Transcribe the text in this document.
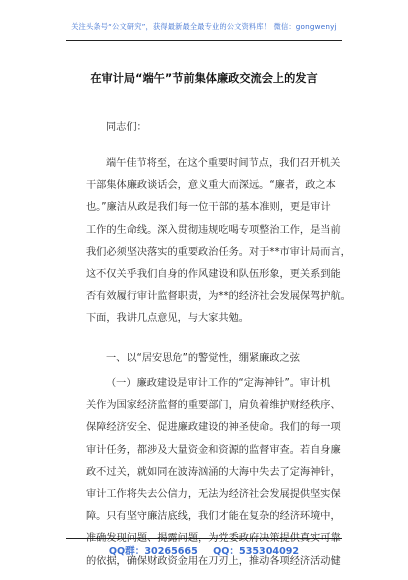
关注头条号“公文研究”，获得最新最全最专业的公文资料库！ 微信：gongwenyj
在审计局“端午”节前集体廉政交流会上的发言
同志们：
端午佳节将至，在这个重要时间节点，我们召开机关
干部集体廉政谈话会，意义重大而深远。“廉者，政之本
也。”廉洁从政是我们每一位干部的基本准则，更是审计
工作的生命线。深入贯彻违规吃喝专项整治工作，是当前
我们必须坚决落实的重要政治任务。对于**市审计局而言，
这不仅关乎我们自身的作风建设和队伍形象，更关系到能
否有效履行审计监督职责，为**的经济社会发展保驾护航。
下面，我讲几点意见，与大家共勉。
一、以“居安思危”的警觉性，绷紧廉政之弦
（一）廉政建设是审计工作的“定海神针”。审计机
关作为国家经济监督的重要部门，肩负着维护财经秩序、
保障经济安全、促进廉政建设的神圣使命。我们的每一项
审计任务，都涉及大量资金和资源的监督审查。若自身廉
政不过关，就如同在波涛汹涌的大海中失去了定海神针，
审计工作将失去公信力，无法为经济社会发展提供坚实保
障。只有坚守廉洁底线，我们才能在复杂的经济环境中，
的依据，确保财政资金用在刀刃上，推动各项经济活动健
QQ群：30265665 QQ：535304092
